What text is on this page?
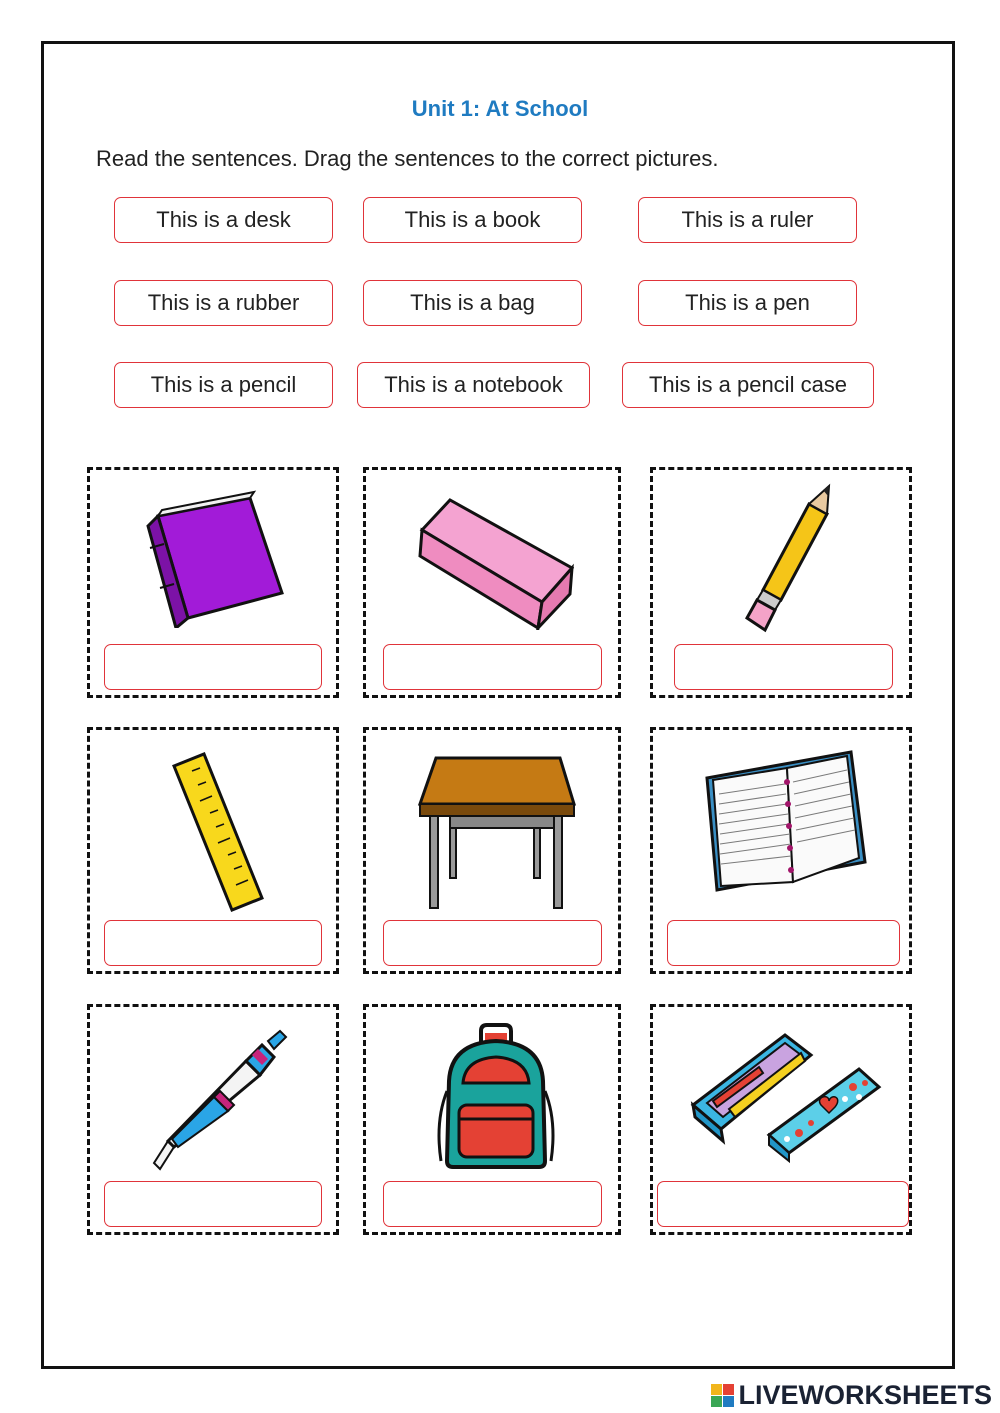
Unit 1: At School
Read the sentences. Drag the sentences to the correct pictures.
This is a desk	This is a book	This is a ruler
This is a rubber	This is a bag	This is a pen
This is a pencil	This is a notebook	This is a pencil case
LIVEWORKSHEETS
